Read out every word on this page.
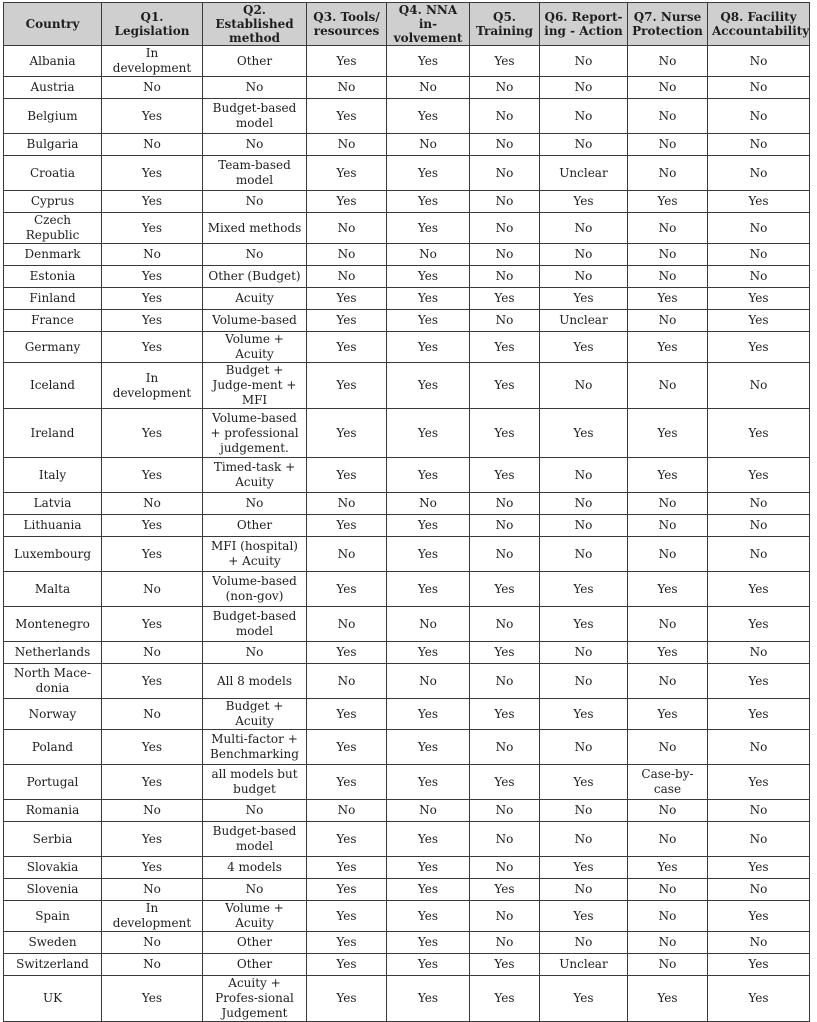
Country	Q1. Legislation	Q2. Established method	Q3. Tools/ resources	Q4. NNA in-volvement	Q5. Training	Q6. Report-ing - Action	Q7. Nurse Protection	Q8. Facility Accountability
Albania	In development	Other	Yes	Yes	Yes	No	No	No
Austria	No	No	No	No	No	No	No	No
Belgium	Yes	Budget-based model	Yes	Yes	No	No	No	No
Bulgaria	No	No	No	No	No	No	No	No
Croatia	Yes	Team-based model	Yes	Yes	No	Unclear	No	No
Cyprus	Yes	No	Yes	Yes	No	Yes	Yes	Yes
Czech Republic	Yes	Mixed methods	No	Yes	No	No	No	No
Denmark	No	No	No	No	No	No	No	No
Estonia	Yes	Other (Budget)	No	Yes	No	No	No	No
Finland	Yes	Acuity	Yes	Yes	Yes	Yes	Yes	Yes
France	Yes	Volume-based	Yes	Yes	No	Unclear	No	Yes
Germany	Yes	Volume + Acuity	Yes	Yes	Yes	Yes	Yes	Yes
Iceland	In development	Budget + Judge-ment + MFI	Yes	Yes	Yes	No	No	No
Ireland	Yes	Volume-based + professional judgement.	Yes	Yes	Yes	Yes	Yes	Yes
Italy	Yes	Timed-task + Acuity	Yes	Yes	Yes	No	Yes	Yes
Latvia	No	No	No	No	No	No	No	No
Lithuania	Yes	Other	Yes	Yes	No	No	No	No
Luxembourg	Yes	MFI (hospital) + Acuity	No	Yes	No	No	No	No
Malta	No	Volume-based (non-gov)	Yes	Yes	Yes	Yes	Yes	Yes
Montenegro	Yes	Budget-based model	No	No	No	Yes	No	Yes
Netherlands	No	No	Yes	Yes	Yes	No	Yes	No
North Mace-donia	Yes	All 8 models	No	No	No	No	No	Yes
Norway	No	Budget + Acuity	Yes	Yes	Yes	Yes	Yes	Yes
Poland	Yes	Multi-factor + Benchmarking	Yes	Yes	No	No	No	No
Portugal	Yes	all models but budget	Yes	Yes	Yes	Yes	Case-by-case	Yes
Romania	No	No	No	No	No	No	No	No
Serbia	Yes	Budget-based model	Yes	Yes	No	No	No	No
Slovakia	Yes	4 models	Yes	Yes	No	Yes	Yes	Yes
Slovenia	No	No	Yes	Yes	Yes	No	No	No
Spain	In development	Volume + Acuity	Yes	Yes	No	Yes	No	Yes
Sweden	No	Other	Yes	Yes	No	No	No	No
Switzerland	No	Other	Yes	Yes	Yes	Unclear	No	Yes
UK	Yes	Acuity + Profes-sional Judgement	Yes	Yes	Yes	Yes	Yes	Yes
